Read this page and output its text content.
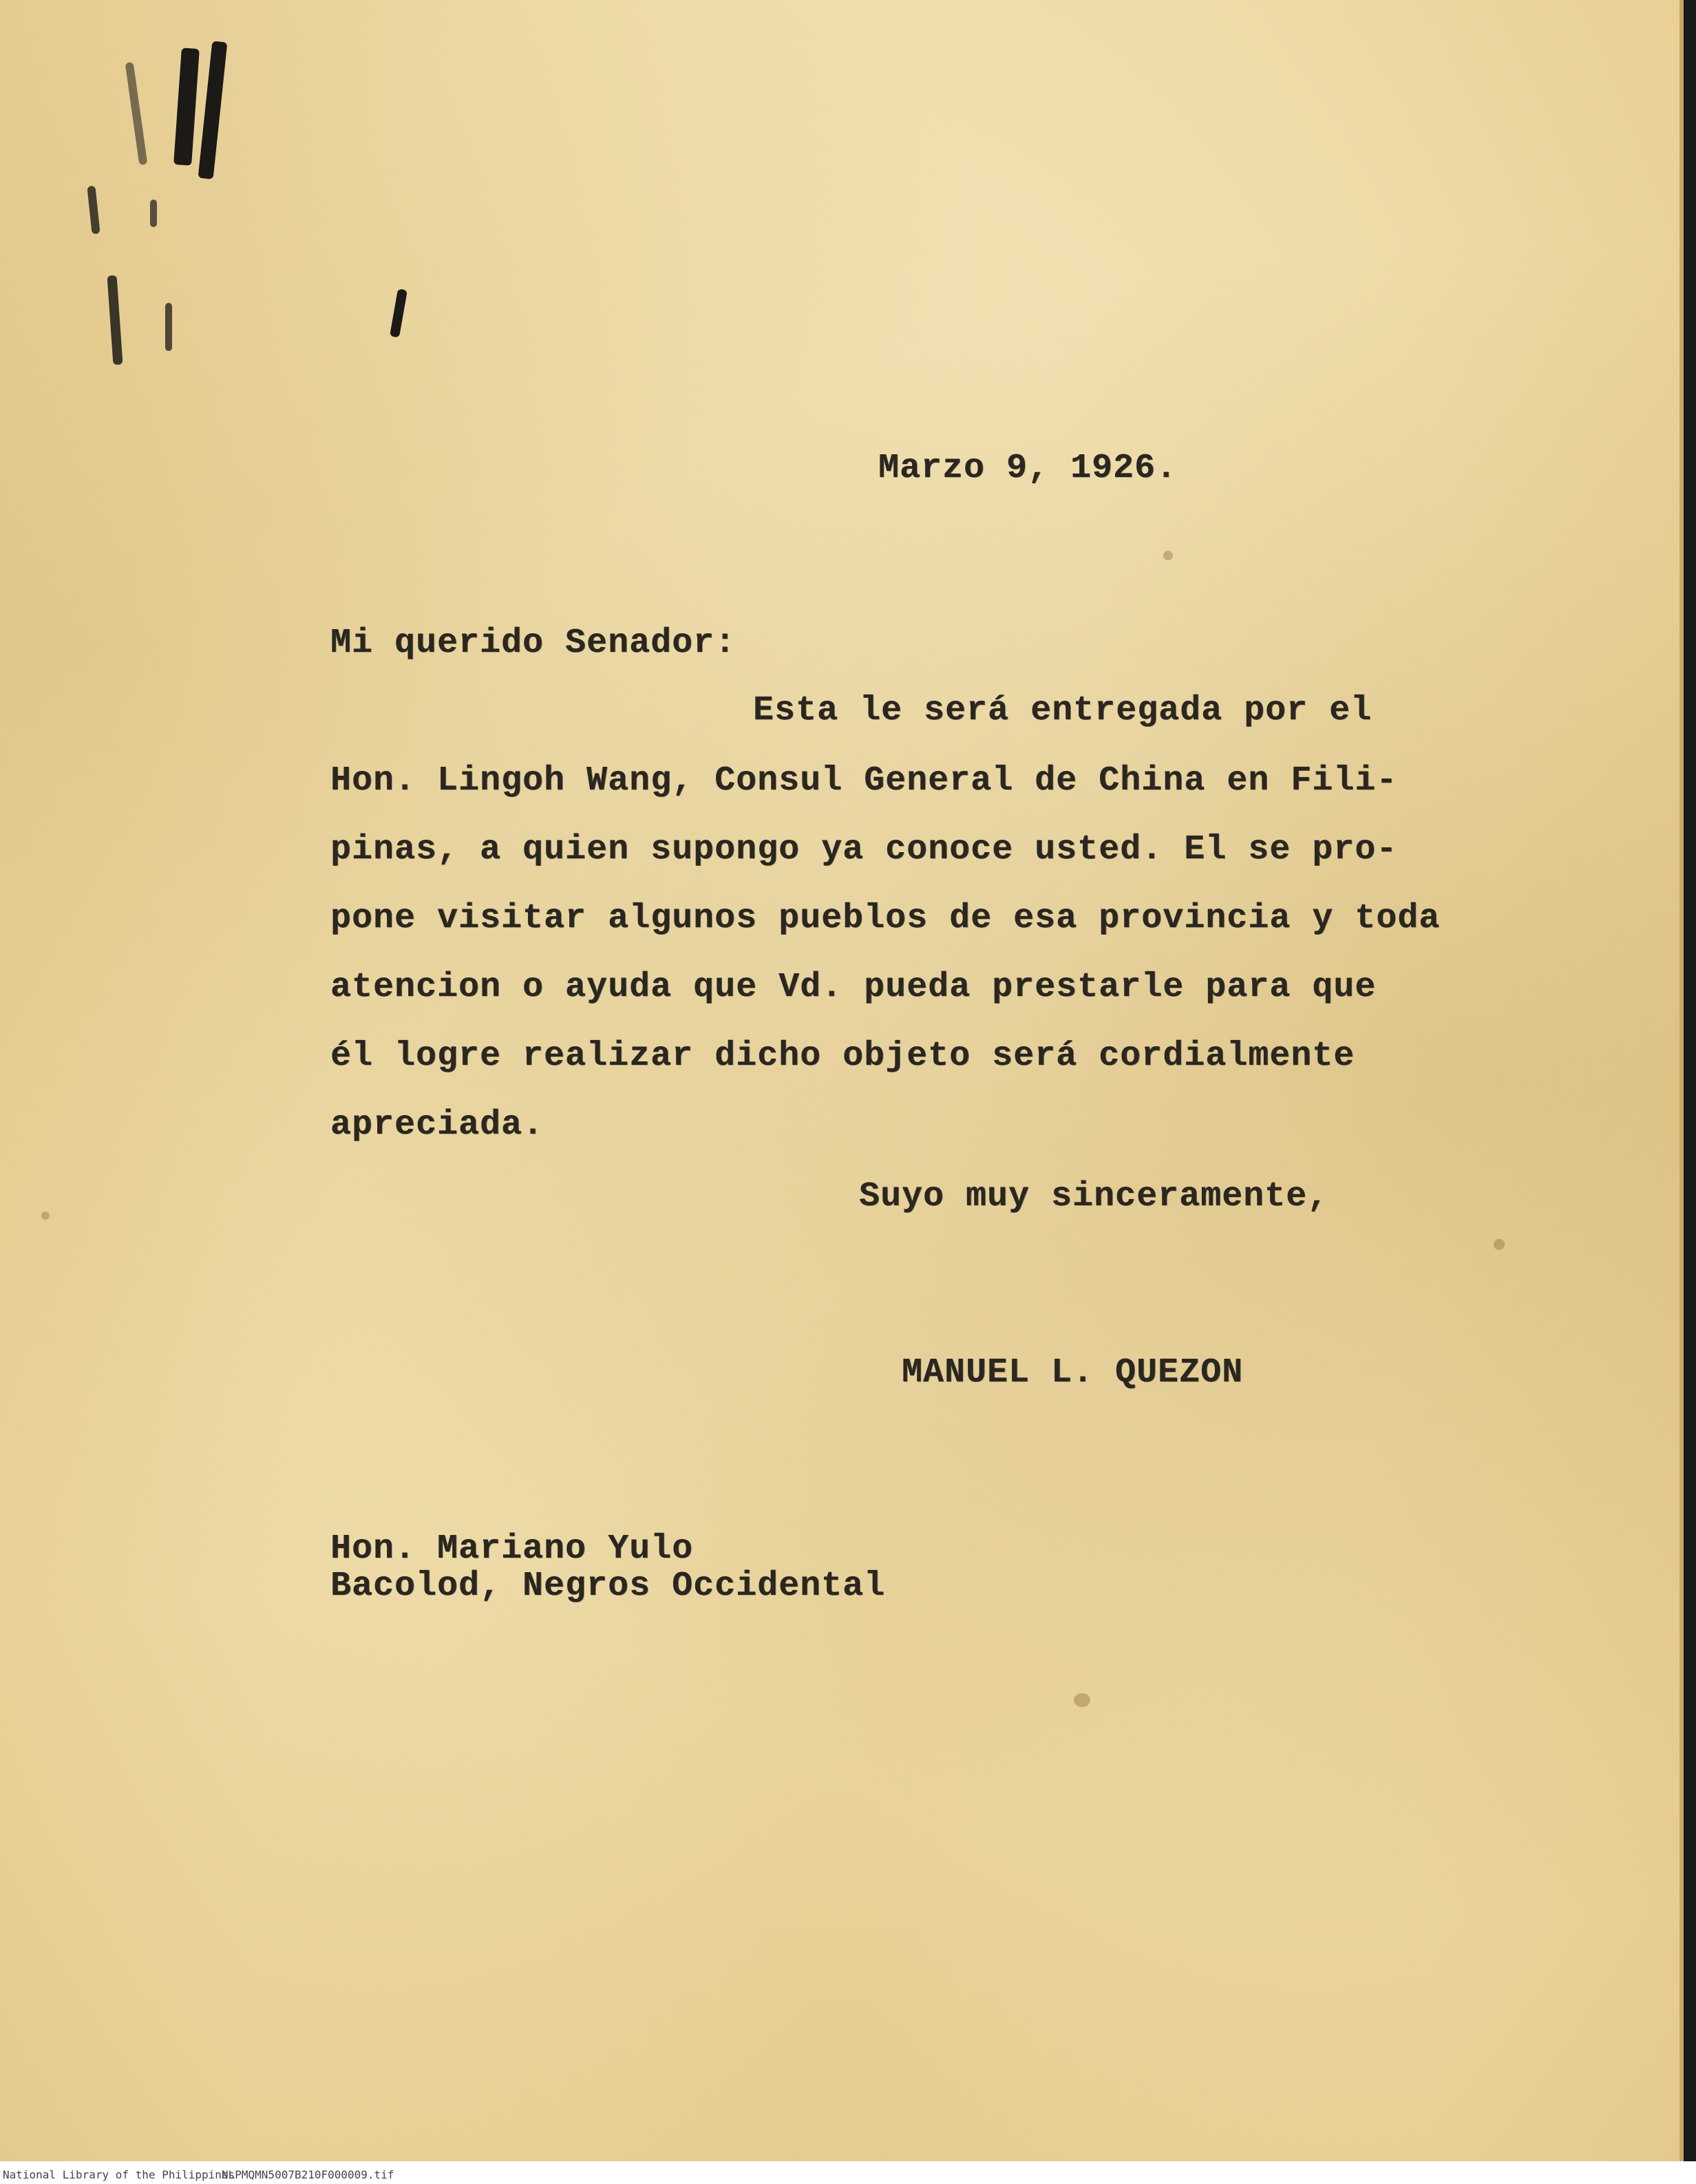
Marzo 9, 1926.
Mi querido Senador:
Esta le será entregada por el
Hon. Lingoh Wang, Consul General de China en Fili-
pinas, a quien supongo ya conoce usted. El se pro-
pone visitar algunos pueblos de esa provincia y toda
atencion o ayuda que Vd. pueda prestarle para que
él logre realizar dicho objeto será cordialmente
apreciada.
Suyo muy sinceramente,
MANUEL L. QUEZON
Hon. Mariano Yulo
Bacolod, Negros Occidental
National Library of the Philippines
NLPMQMN5007B210F000009.tif
